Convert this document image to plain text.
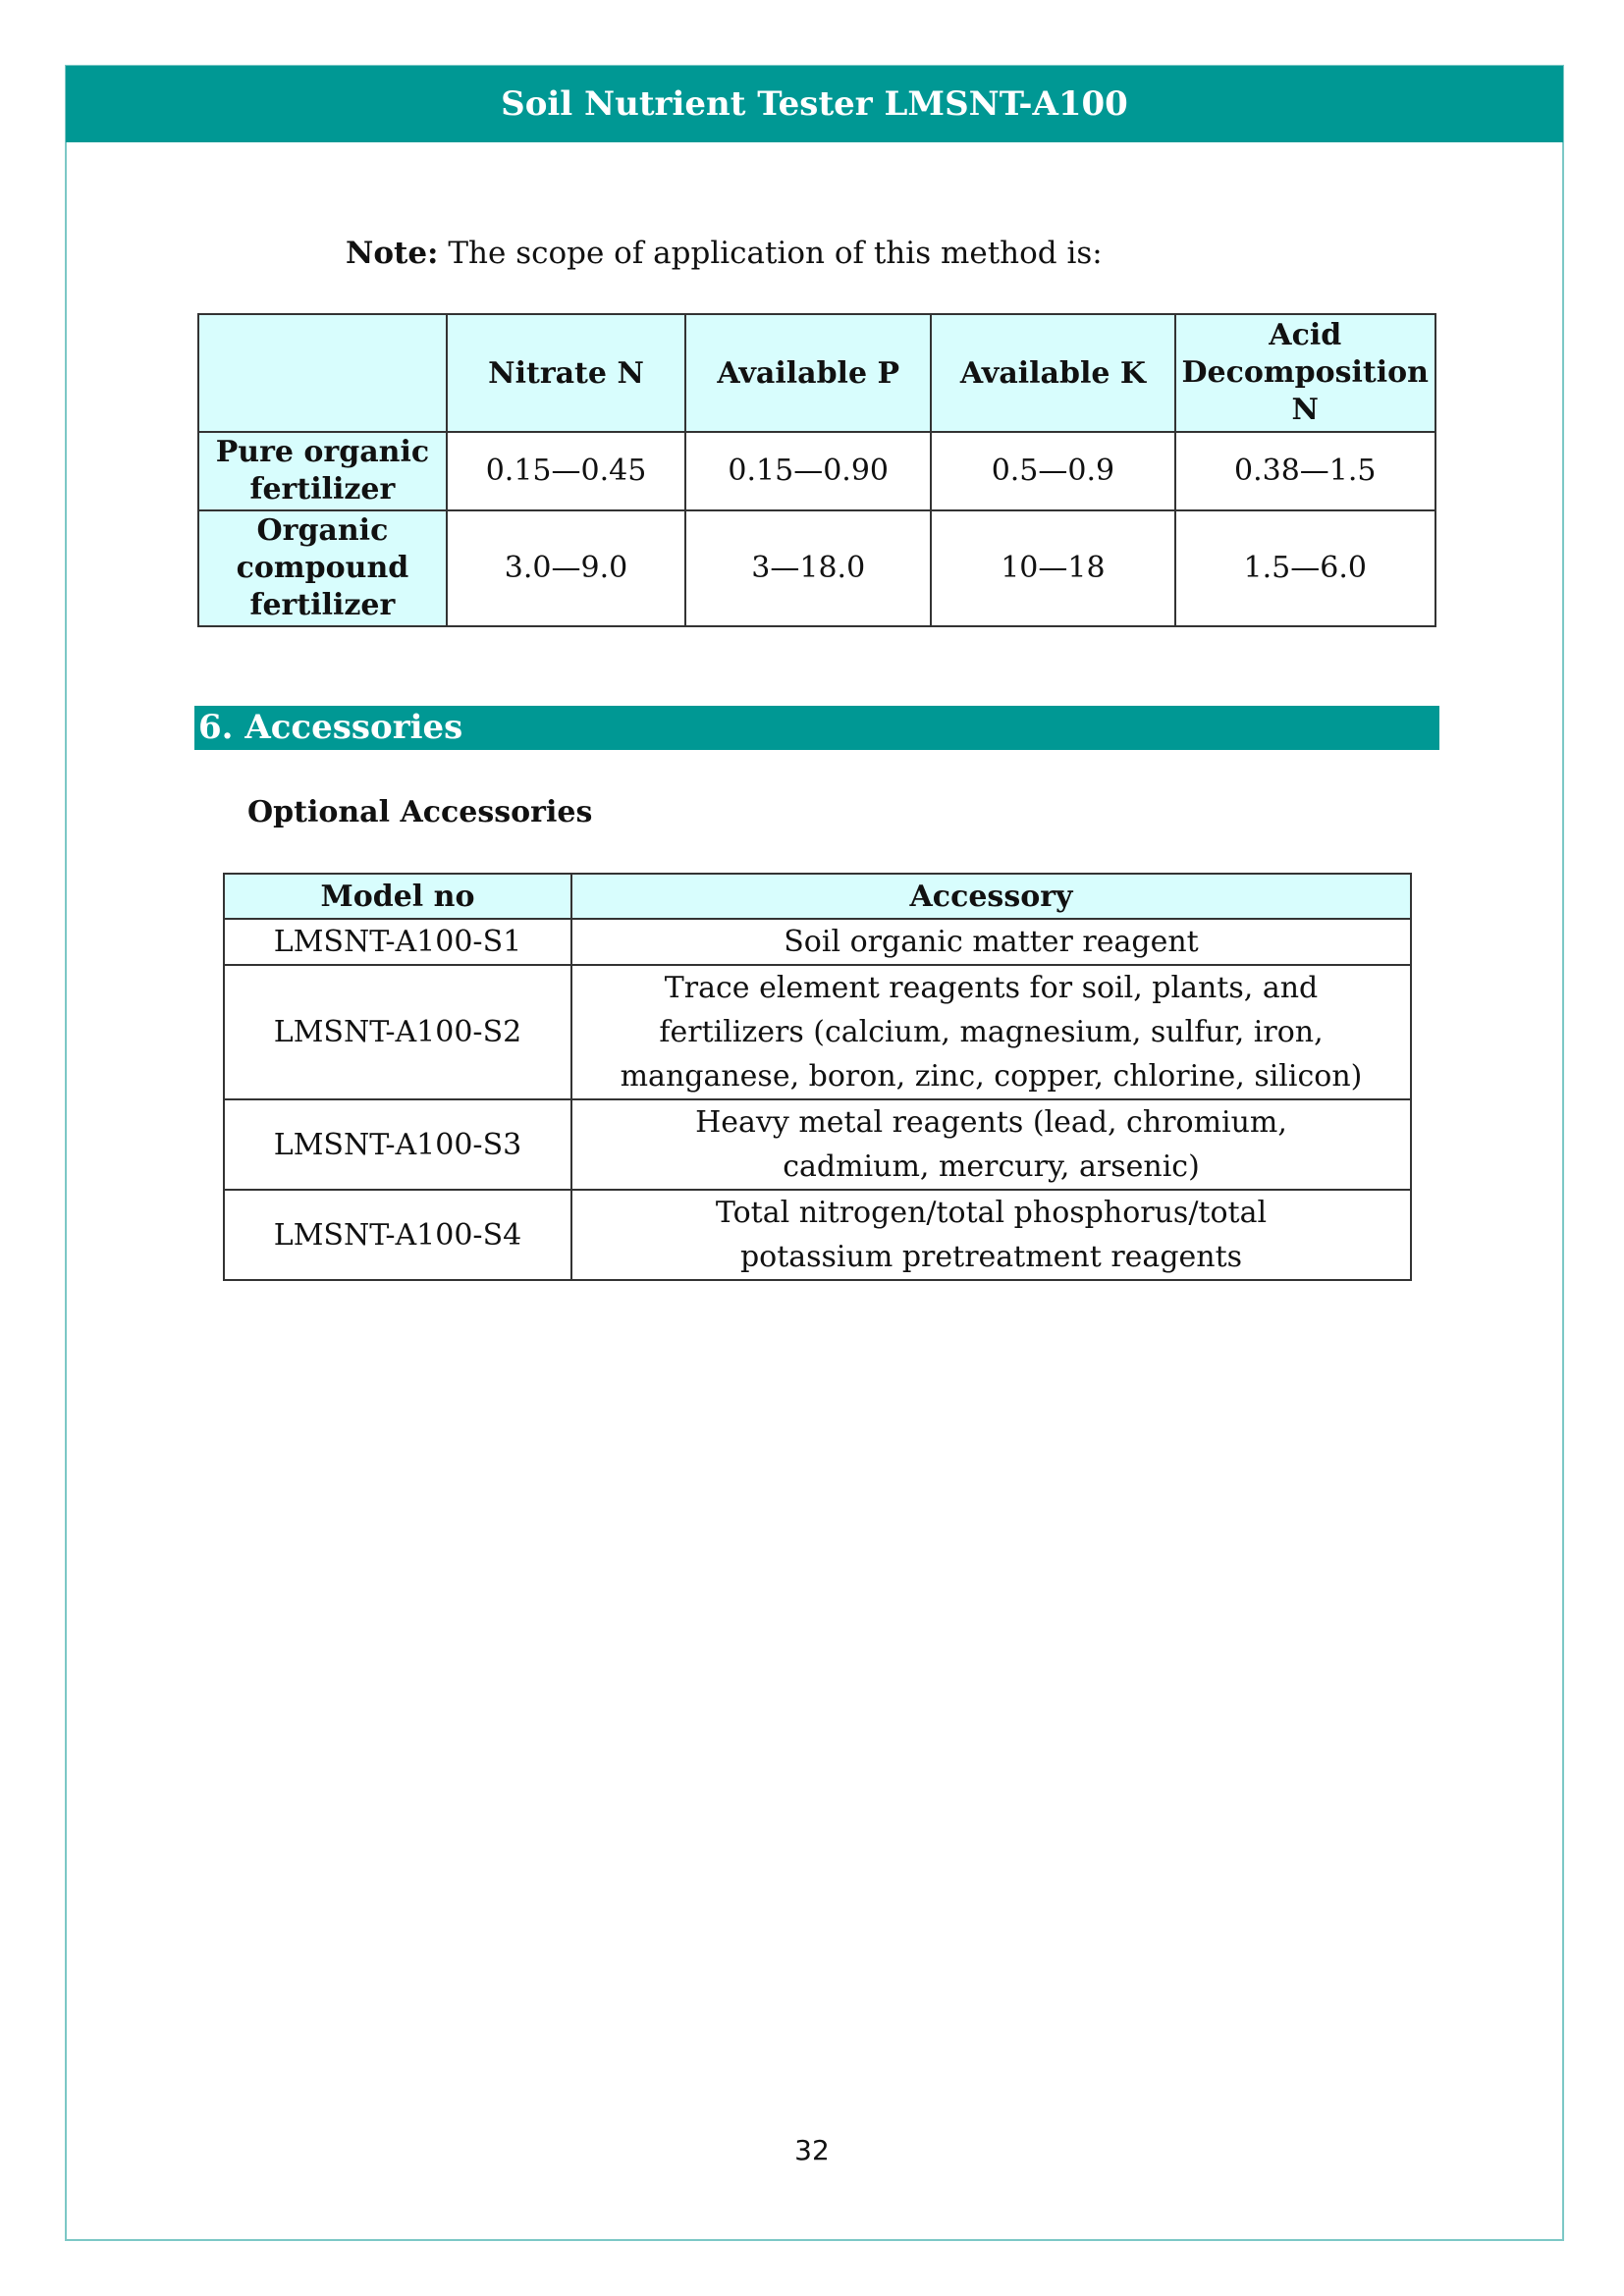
Soil Nutrient Tester LMSNT-A100
Note: The scope of application of this method is:
	Nitrate N	Available P	Available K	Acid Decomposition N
Pure organic fertilizer	0.15—0.45	0.15—0.90	0.5—0.9	0.38—1.5
Organic compound fertilizer	3.0—9.0	3—18.0	10—18	1.5—6.0
6. Accessories
Optional Accessories
Model no	Accessory
LMSNT-A100-S1	Soil organic matter reagent
LMSNT-A100-S2	Trace element reagents for soil, plants, and fertilizers (calcium, magnesium, sulfur, iron, manganese, boron, zinc, copper, chlorine, silicon)
LMSNT-A100-S3	Heavy metal reagents (lead, chromium, cadmium, mercury, arsenic)
LMSNT-A100-S4	Total nitrogen/total phosphorus/total potassium pretreatment reagents
32
